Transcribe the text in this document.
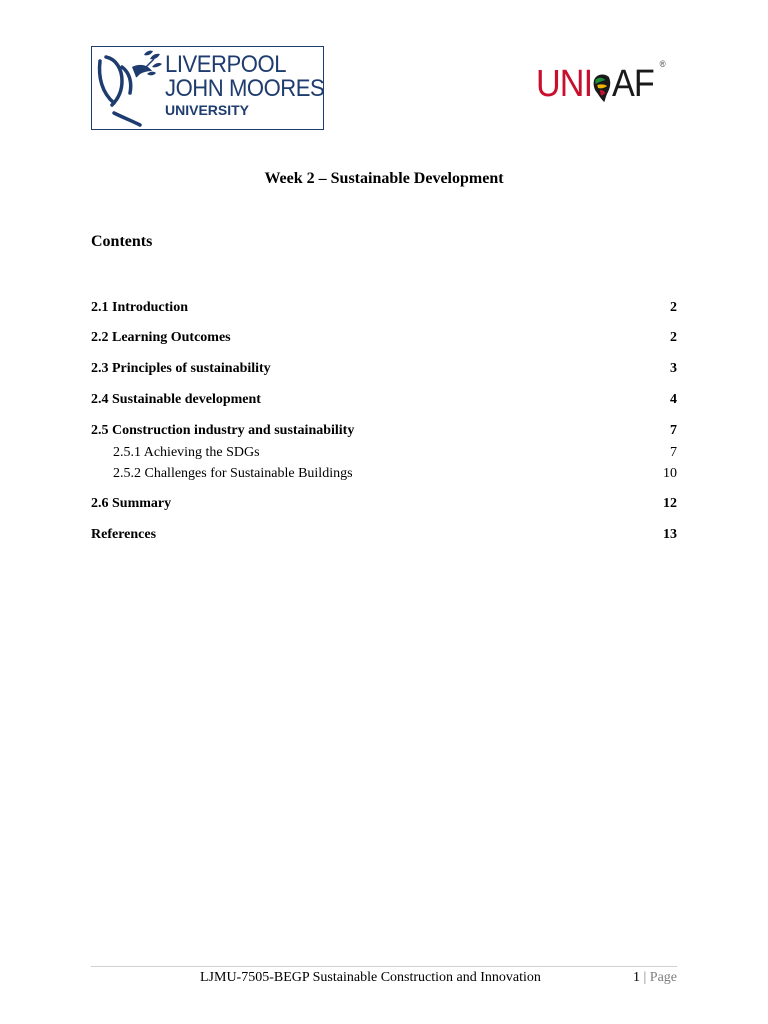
LIVERPOOL
JOHN MOORES
UNIVERSITY
UNI AF ®
Week 2 – Sustainable Development
Contents
2.1 Introduction	2
2.2 Learning Outcomes	2
2.3 Principles of sustainability	3
2.4 Sustainable development	4
2.5 Construction industry and sustainability	7
2.5.1 Achieving the SDGs	7
2.5.2 Challenges for Sustainable Buildings	10
2.6 Summary	12
References	13
LJMU-7505-BEGP Sustainable Construction and Innovation	1 | Page
